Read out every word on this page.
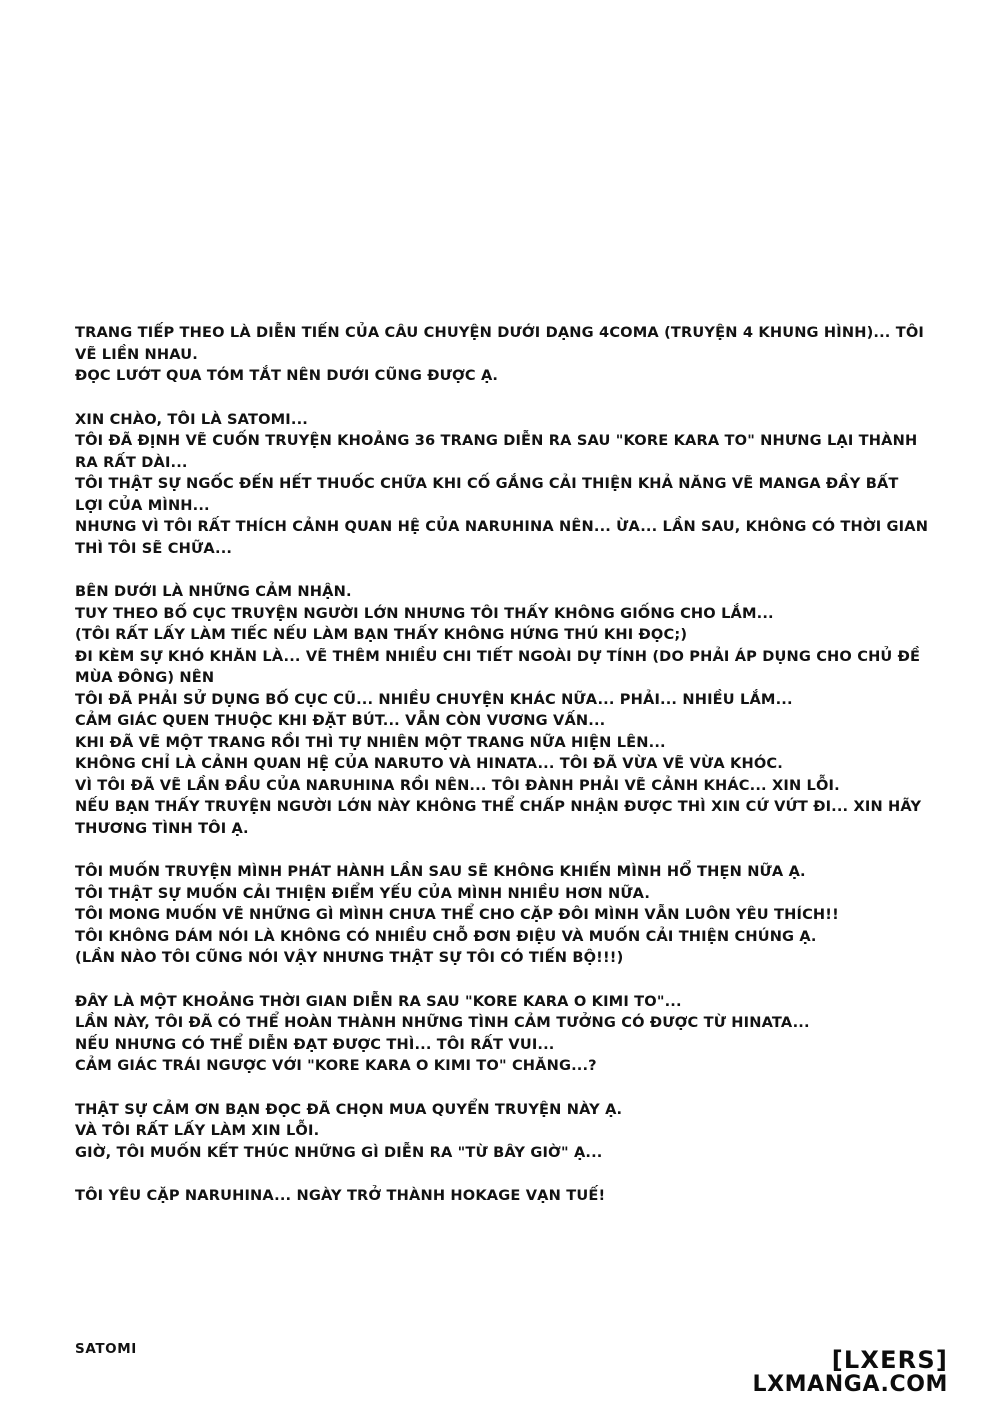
TRANG TIẾP THEO LÀ DIỄN TIẾN CỦA CÂU CHUYỆN DƯỚI DẠNG 4COMA (TRUYỆN 4 KHUNG HÌNH)... TÔI VẼ LIỀN NHAU.
ĐỌC LƯỚT QUA TÓM TẮT NÊN DƯỚI CŨNG ĐƯỢC Ạ.
XIN CHÀO, TÔI LÀ SATOMI...
TÔI ĐÃ ĐỊNH VẼ CUỐN TRUYỆN KHOẢNG 36 TRANG DIỄN RA SAU "KORE KARA TO" NHƯNG LẠI THÀNH RA RẤT DÀI...
TÔI THẬT SỰ NGỐC ĐẾN HẾT THUỐC CHỮA KHI CỐ GẮNG CẢI THIỆN KHẢ NĂNG VẼ MANGA ĐẦY BẤT LỢI CỦA MÌNH...
NHƯNG VÌ TÔI RẤT THÍCH CẢNH QUAN HỆ CỦA NARUHINA NÊN... ỪA... LẦN SAU, KHÔNG CÓ THỜI GIAN THÌ TÔI SẼ CHỮA...
BÊN DƯỚI LÀ NHỮNG CẢM NHẬN.
TUY THEO BỐ CỤC TRUYỆN NGƯỜI LỚN NHƯNG TÔI THẤY KHÔNG GIỐNG CHO LẮM...
(TÔI RẤT LẤY LÀM TIẾC NẾU LÀM BẠN THẤY KHÔNG HỨNG THÚ KHI ĐỌC;)
ĐI KÈM SỰ KHÓ KHĂN LÀ... VẼ THÊM NHIỀU CHI TIẾT NGOÀI DỰ TÍNH (DO PHẢI ÁP DỤNG CHO CHỦ ĐỀ MÙA ĐÔNG) NÊN
TÔI ĐÃ PHẢI SỬ DỤNG BỐ CỤC CŨ... NHIỀU CHUYỆN KHÁC NỮA... PHẢI... NHIỀU LẮM...
CẢM GIÁC QUEN THUỘC KHI ĐẶT BÚT... VẪN CÒN VƯƠNG VẤN...
KHI ĐÃ VẼ MỘT TRANG RỒI THÌ TỰ NHIÊN MỘT TRANG NỮA HIỆN LÊN...
KHÔNG CHỈ LÀ CẢNH QUAN HỆ CỦA NARUTO VÀ HINATA... TÔI ĐÃ VỪA VẼ VỪA KHÓC.
VÌ TÔI ĐÃ VẼ LẦN ĐẦU CỦA NARUHINA RỒI NÊN... TÔI ĐÀNH PHẢI VẼ CẢNH KHÁC... XIN LỖI.
NẾU BẠN THẤY TRUYỆN NGƯỜI LỚN NÀY KHÔNG THỂ CHẤP NHẬN ĐƯỢC THÌ XIN CỨ VỨT ĐI... XIN HÃY THƯƠNG TÌNH TÔI Ạ.
TÔI MUỐN TRUYỆN MÌNH PHÁT HÀNH LẦN SAU SẼ KHÔNG KHIẾN MÌNH HỔ THẸN NỮA Ạ.
TÔI THẬT SỰ MUỐN CẢI THIỆN ĐIỂM YẾU CỦA MÌNH NHIỀU HƠN NỮA.
TÔI MONG MUỐN VẼ NHỮNG GÌ MÌNH CHƯA THỂ CHO CẶP ĐÔI MÌNH VẪN LUÔN YÊU THÍCH!!
TÔI KHÔNG DÁM NÓI LÀ KHÔNG CÓ NHIỀU CHỖ ĐƠN ĐIỆU VÀ MUỐN CẢI THIỆN CHÚNG Ạ.
(LẦN NÀO TÔI CŨNG NÓI VẬY NHƯNG THẬT SỰ TÔI CÓ TIẾN BỘ!!!)
ĐÂY LÀ MỘT KHOẢNG THỜI GIAN DIỄN RA SAU "KORE KARA O KIMI TO"...
LẦN NÀY, TÔI ĐÃ CÓ THỂ HOÀN THÀNH NHỮNG TÌNH CẢM TƯỞNG CÓ ĐƯỢC TỪ HINATA...
NẾU NHƯNG CÓ THỂ DIỄN ĐẠT ĐƯỢC THÌ... TÔI RẤT VUI...
CẢM GIÁC TRÁI NGƯỢC VỚI "KORE KARA O KIMI TO" CHĂNG...?
THẬT SỰ CẢM ƠN BẠN ĐỌC ĐÃ CHỌN MUA QUYỂN TRUYỆN NÀY Ạ.
VÀ TÔI RẤT LẤY LÀM XIN LỖI.
GIỜ, TÔI MUỐN KẾT THÚC NHỮNG GÌ DIỄN RA "TỪ BÂY GIỜ" Ạ...
TÔI YÊU CẶP NARUHINA... NGÀY TRỞ THÀNH HOKAGE VẠN TUẾ!
SATOMI	[LXERS]
LXMANGA.COM
